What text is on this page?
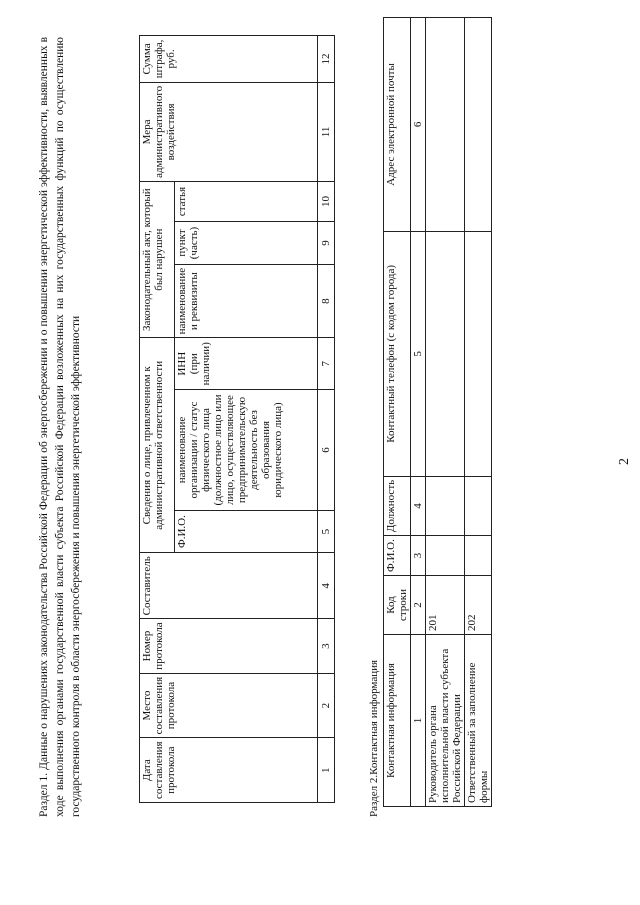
2
Раздел 1. Данные о нарушениях законодательства Российской Федерации об энергосбережении и о повышении энергетической эффективности, выявленных в ходе выполнения органами государственной власти субъекта Российской Федерации возложенных на них государственных функций по осуществлению государственного контроля в области энергосбережения и повышения энергетической эффективности	Дата составления протокола	Место составления протокола	Номер протокола	Составитель	Сведения о лице, привлеченном к административной ответственности			Законодательный акт, который был нарушен			Мера административного воздействия	Сумма штрафа, руб.
				Ф.И.О.	наименование организации / статус физического лица (должностное лицо или лицо, осуществляющее предпринимательскую деятельность без образования юридического лица)	ИНН (при наличии)	наименование и реквизиты	пункт (часть)	статья		
1	2	3	4	5	6	7	8	9	10	11	12
Раздел 2.Контактная информация Контактная информация	Код строки	Ф.И.О.	Должность	Контактный телефон (с кодом города)	Адрес электронной почты
1	2	3	4	5	6
Руководитель органа исполнительной власти субъекта Российской Федерации	201				
Ответственный за заполнение формы	202				
